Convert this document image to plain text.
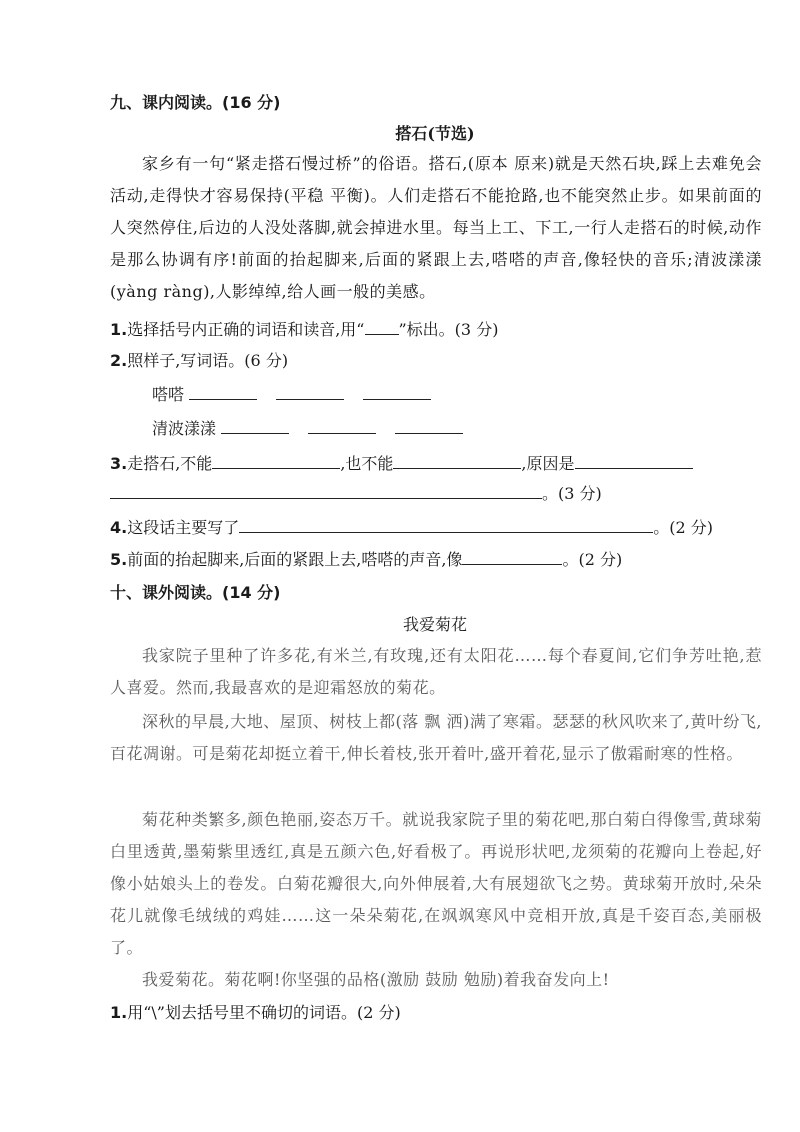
九、课内阅读。(16 分)
搭石(节选)

家乡有一句“紧走搭石慢过桥”的俗语。搭石,(原本 原来)就是天然石块,踩上去难免会活动,走得快才容易保持(平稳 平衡)。人们走搭石不能抢路,也不能突然止步。如果前面的人突然停住,后边的人没处落脚,就会掉进水里。每当上工、下工,一行人走搭石的时候,动作是那么协调有序!前面的抬起脚来,后面的紧跟上去,嗒嗒的声音,像轻快的音乐;清波漾漾(yàng ràng),人影绰绰,给人画一般的美感。

1.选择括号内正确的词语和读音,用“ ”标出。(3 分)
2.照样子,写词语。(6 分)
嗒嗒
清波漾漾
3.走搭石,不能	,也不能	,原因是
。(3 分)
4.这段话主要写了	。(2 分)
5.前面的抬起脚来,后面的紧跟上去,嗒嗒的声音,像	。(2 分)
十、课外阅读。(14 分)
我爱菊花

我家院子里种了许多花,有米兰,有玫瑰,还有太阳花……每个春夏间,它们争芳吐艳,惹人喜爱。然而,我最喜欢的是迎霜怒放的菊花。

深秋的早晨,大地、屋顶、树枝上都(落 飘 洒)满了寒霜。瑟瑟的秋风吹来了,黄叶纷飞,百花凋谢。可是菊花却挺立着干,伸长着枝,张开着叶,盛开着花,显示了傲霜耐寒的性格。

菊花种类繁多,颜色艳丽,姿态万千。就说我家院子里的菊花吧,那白菊白得像雪,黄球菊白里透黄,墨菊紫里透红,真是五颜六色,好看极了。再说形状吧,龙须菊的花瓣向上卷起,好像小姑娘头上的卷发。白菊花瓣很大,向外伸展着,大有展翅欲飞之势。黄球菊开放时,朵朵花儿就像毛绒绒的鸡娃……这一朵朵菊花,在飒飒寒风中竞相开放,真是千姿百态,美丽极了。

我爱菊花。菊花啊!你坚强的品格(激励 鼓励 勉励)着我奋发向上!

1.用“\”划去括号里不确切的词语。(2 分)
